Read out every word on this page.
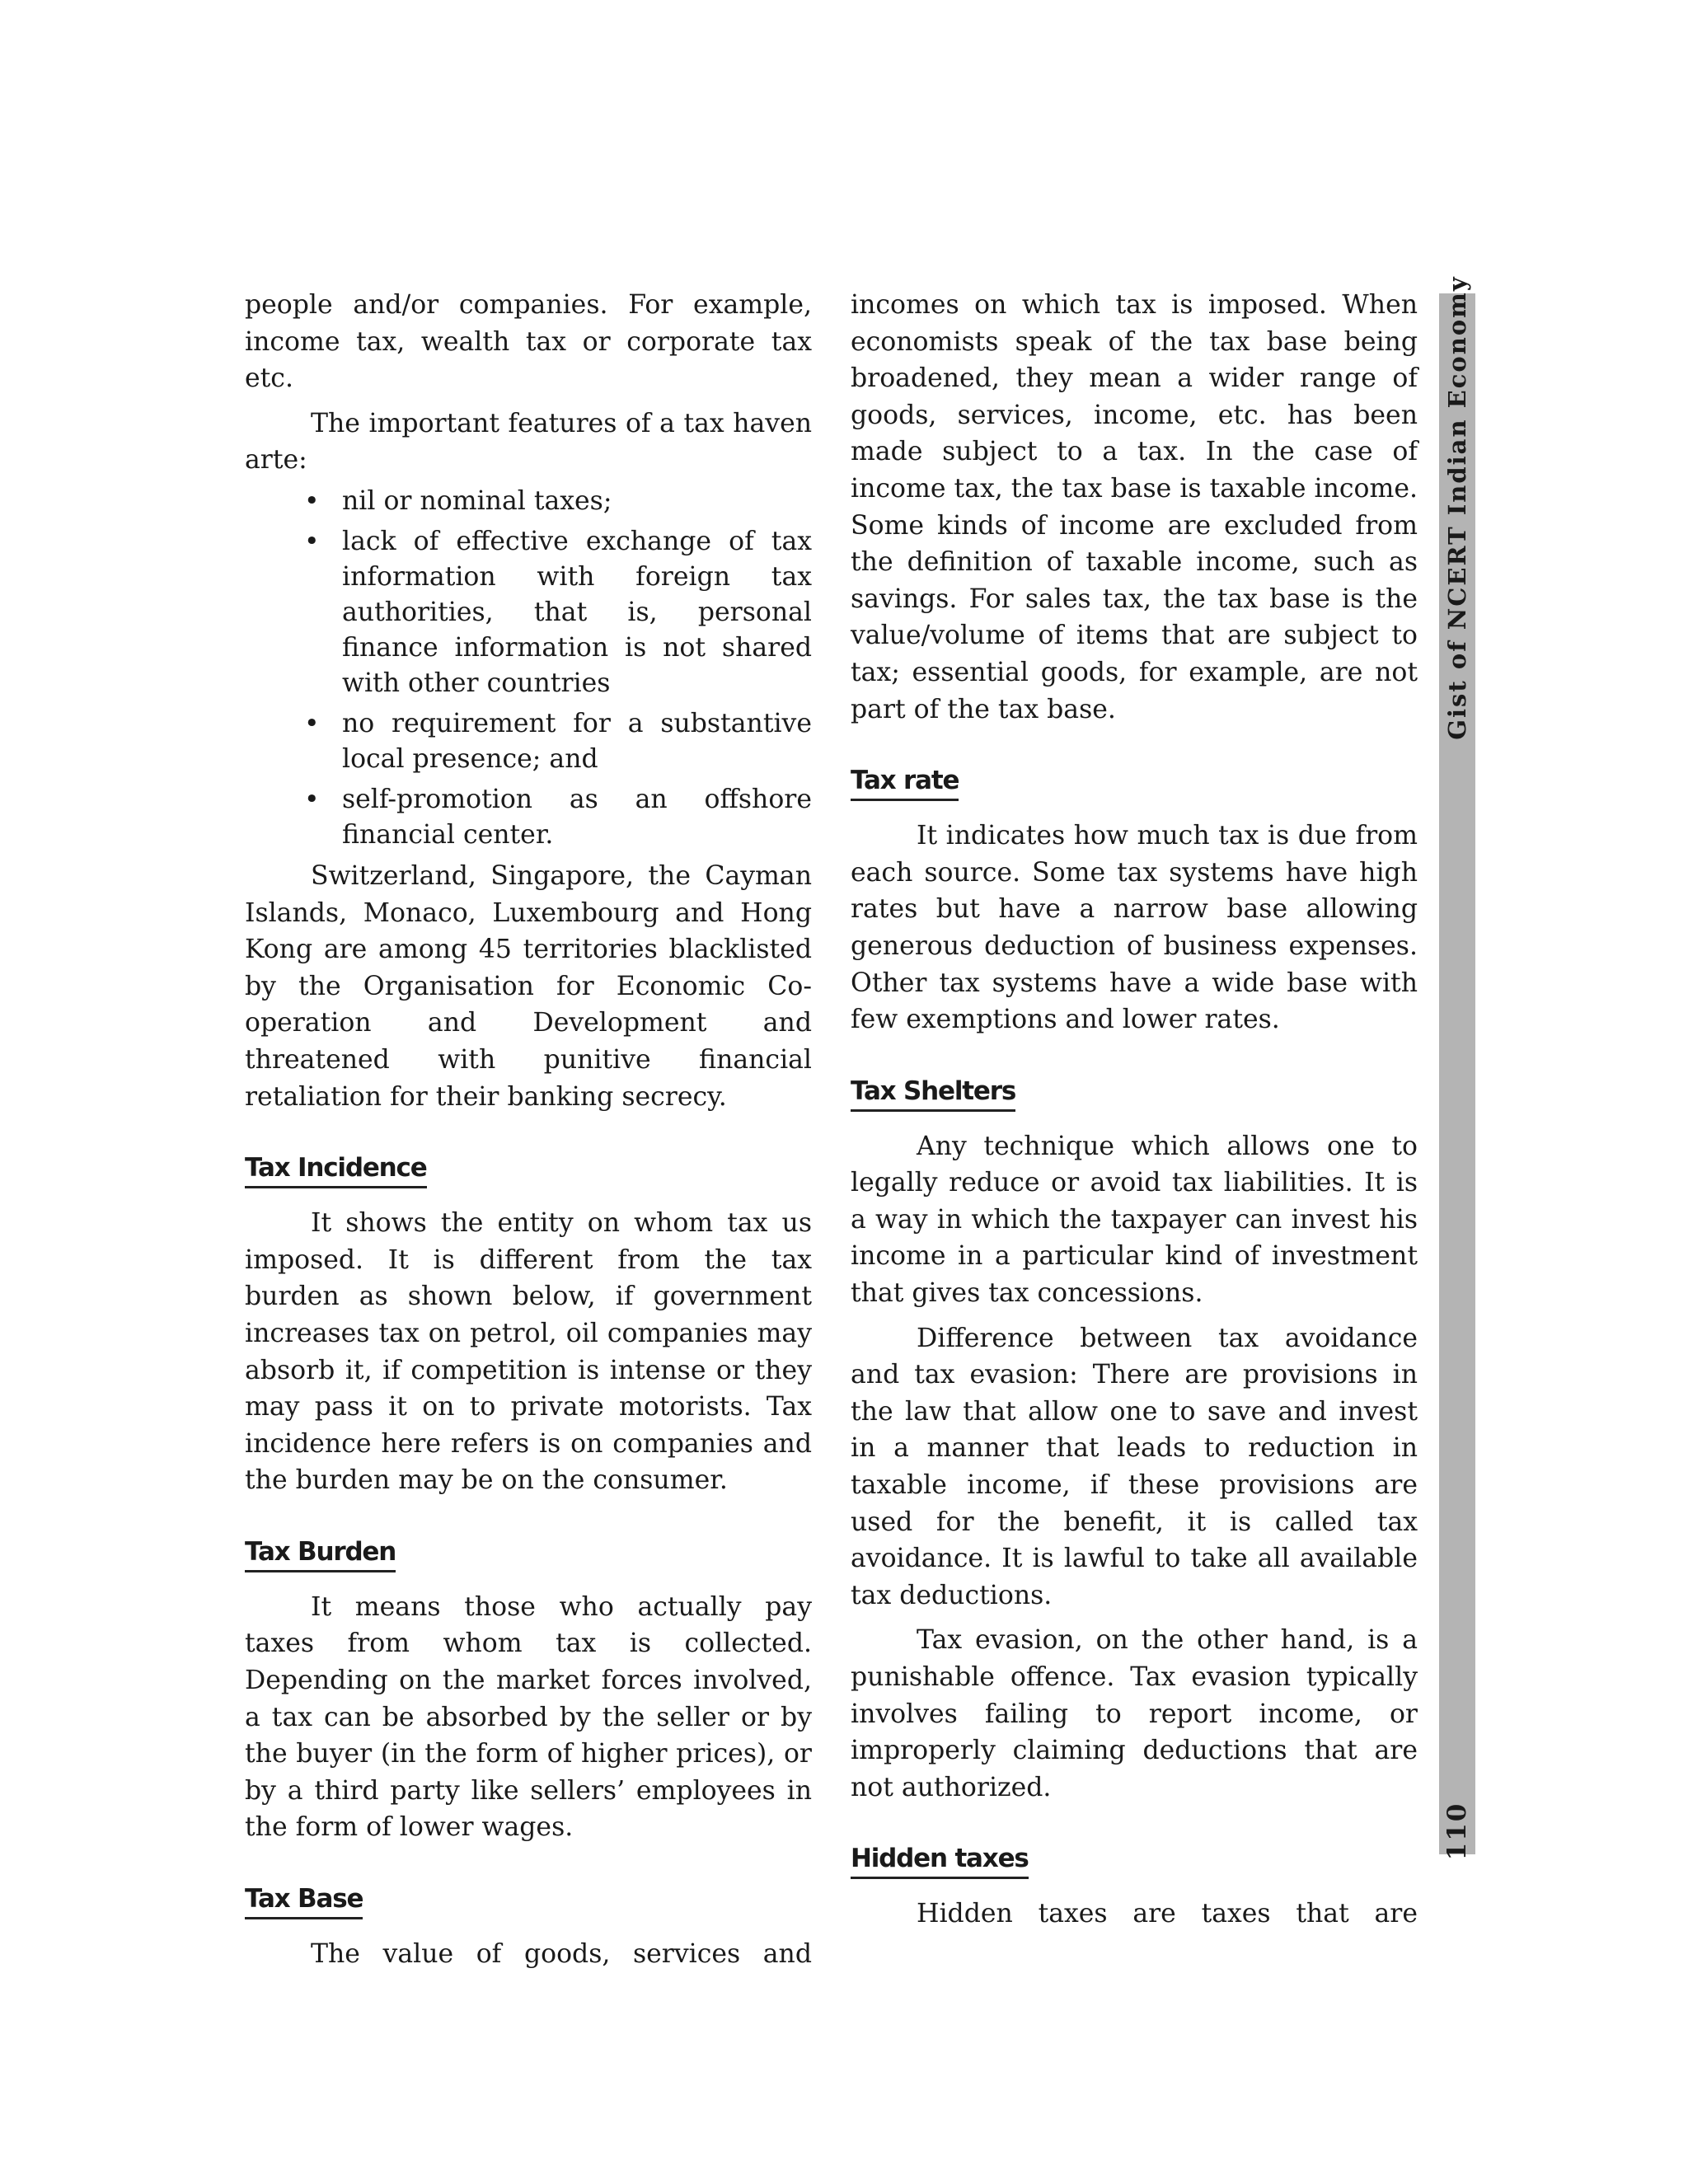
people and/or companies. For example, income tax, wealth tax or corporate tax etc.

The important features of a tax haven arte:

• nil or nominal taxes;
• lack of effective exchange of tax information with foreign tax authorities, that is, personal finance information is not shared with other countries
• no requirement for a substantive local presence; and
• self-promotion as an offshore financial center.

Switzerland, Singapore, the Cayman Islands, Monaco, Luxembourg and Hong Kong are among 45 territories blacklisted by the Organisation for Economic Co-operation and Development and threatened with punitive financial retaliation for their banking secrecy.

Tax Incidence

It shows the entity on whom tax us imposed. It is different from the tax burden as shown below, if government increases tax on petrol, oil companies may absorb it, if competition is intense or they may pass it on to private motorists. Tax incidence here refers is on companies and the burden may be on the consumer.

Tax Burden

It means those who actually pay taxes from whom tax is collected. Depending on the market forces involved, a tax can be absorbed by the seller or by the buyer (in the form of higher prices), or by a third party like sellers’ employees in the form of lower wages.

Tax Base

The value of goods, services and

incomes on which tax is imposed. When economists speak of the tax base being broadened, they mean a wider range of goods, services, income, etc. has been made subject to a tax. In the case of income tax, the tax base is taxable income. Some kinds of income are excluded from the definition of taxable income, such as savings. For sales tax, the tax base is the value/volume of items that are subject to tax; essential goods, for example, are not part of the tax base.

Tax rate

It indicates how much tax is due from each source. Some tax systems have high rates but have a narrow base allowing generous deduction of business expenses. Other tax systems have a wide base with few exemptions and lower rates.

Tax Shelters

Any technique which allows one to legally reduce or avoid tax liabilities. It is a way in which the taxpayer can invest his income in a particular kind of investment that gives tax concessions.

Difference between tax avoidance and tax evasion: There are provisions in the law that allow one to save and invest in a manner that leads to reduction in taxable income, if these provisions are used for the benefit, it is called tax avoidance. It is lawful to take all available tax deductions.

Tax evasion, on the other hand, is a punishable offence. Tax evasion typically involves failing to report income, or improperly claiming deductions that are not authorized.

Hidden taxes

Hidden taxes are taxes that are

Gist of NCERT Indian Economy
110
